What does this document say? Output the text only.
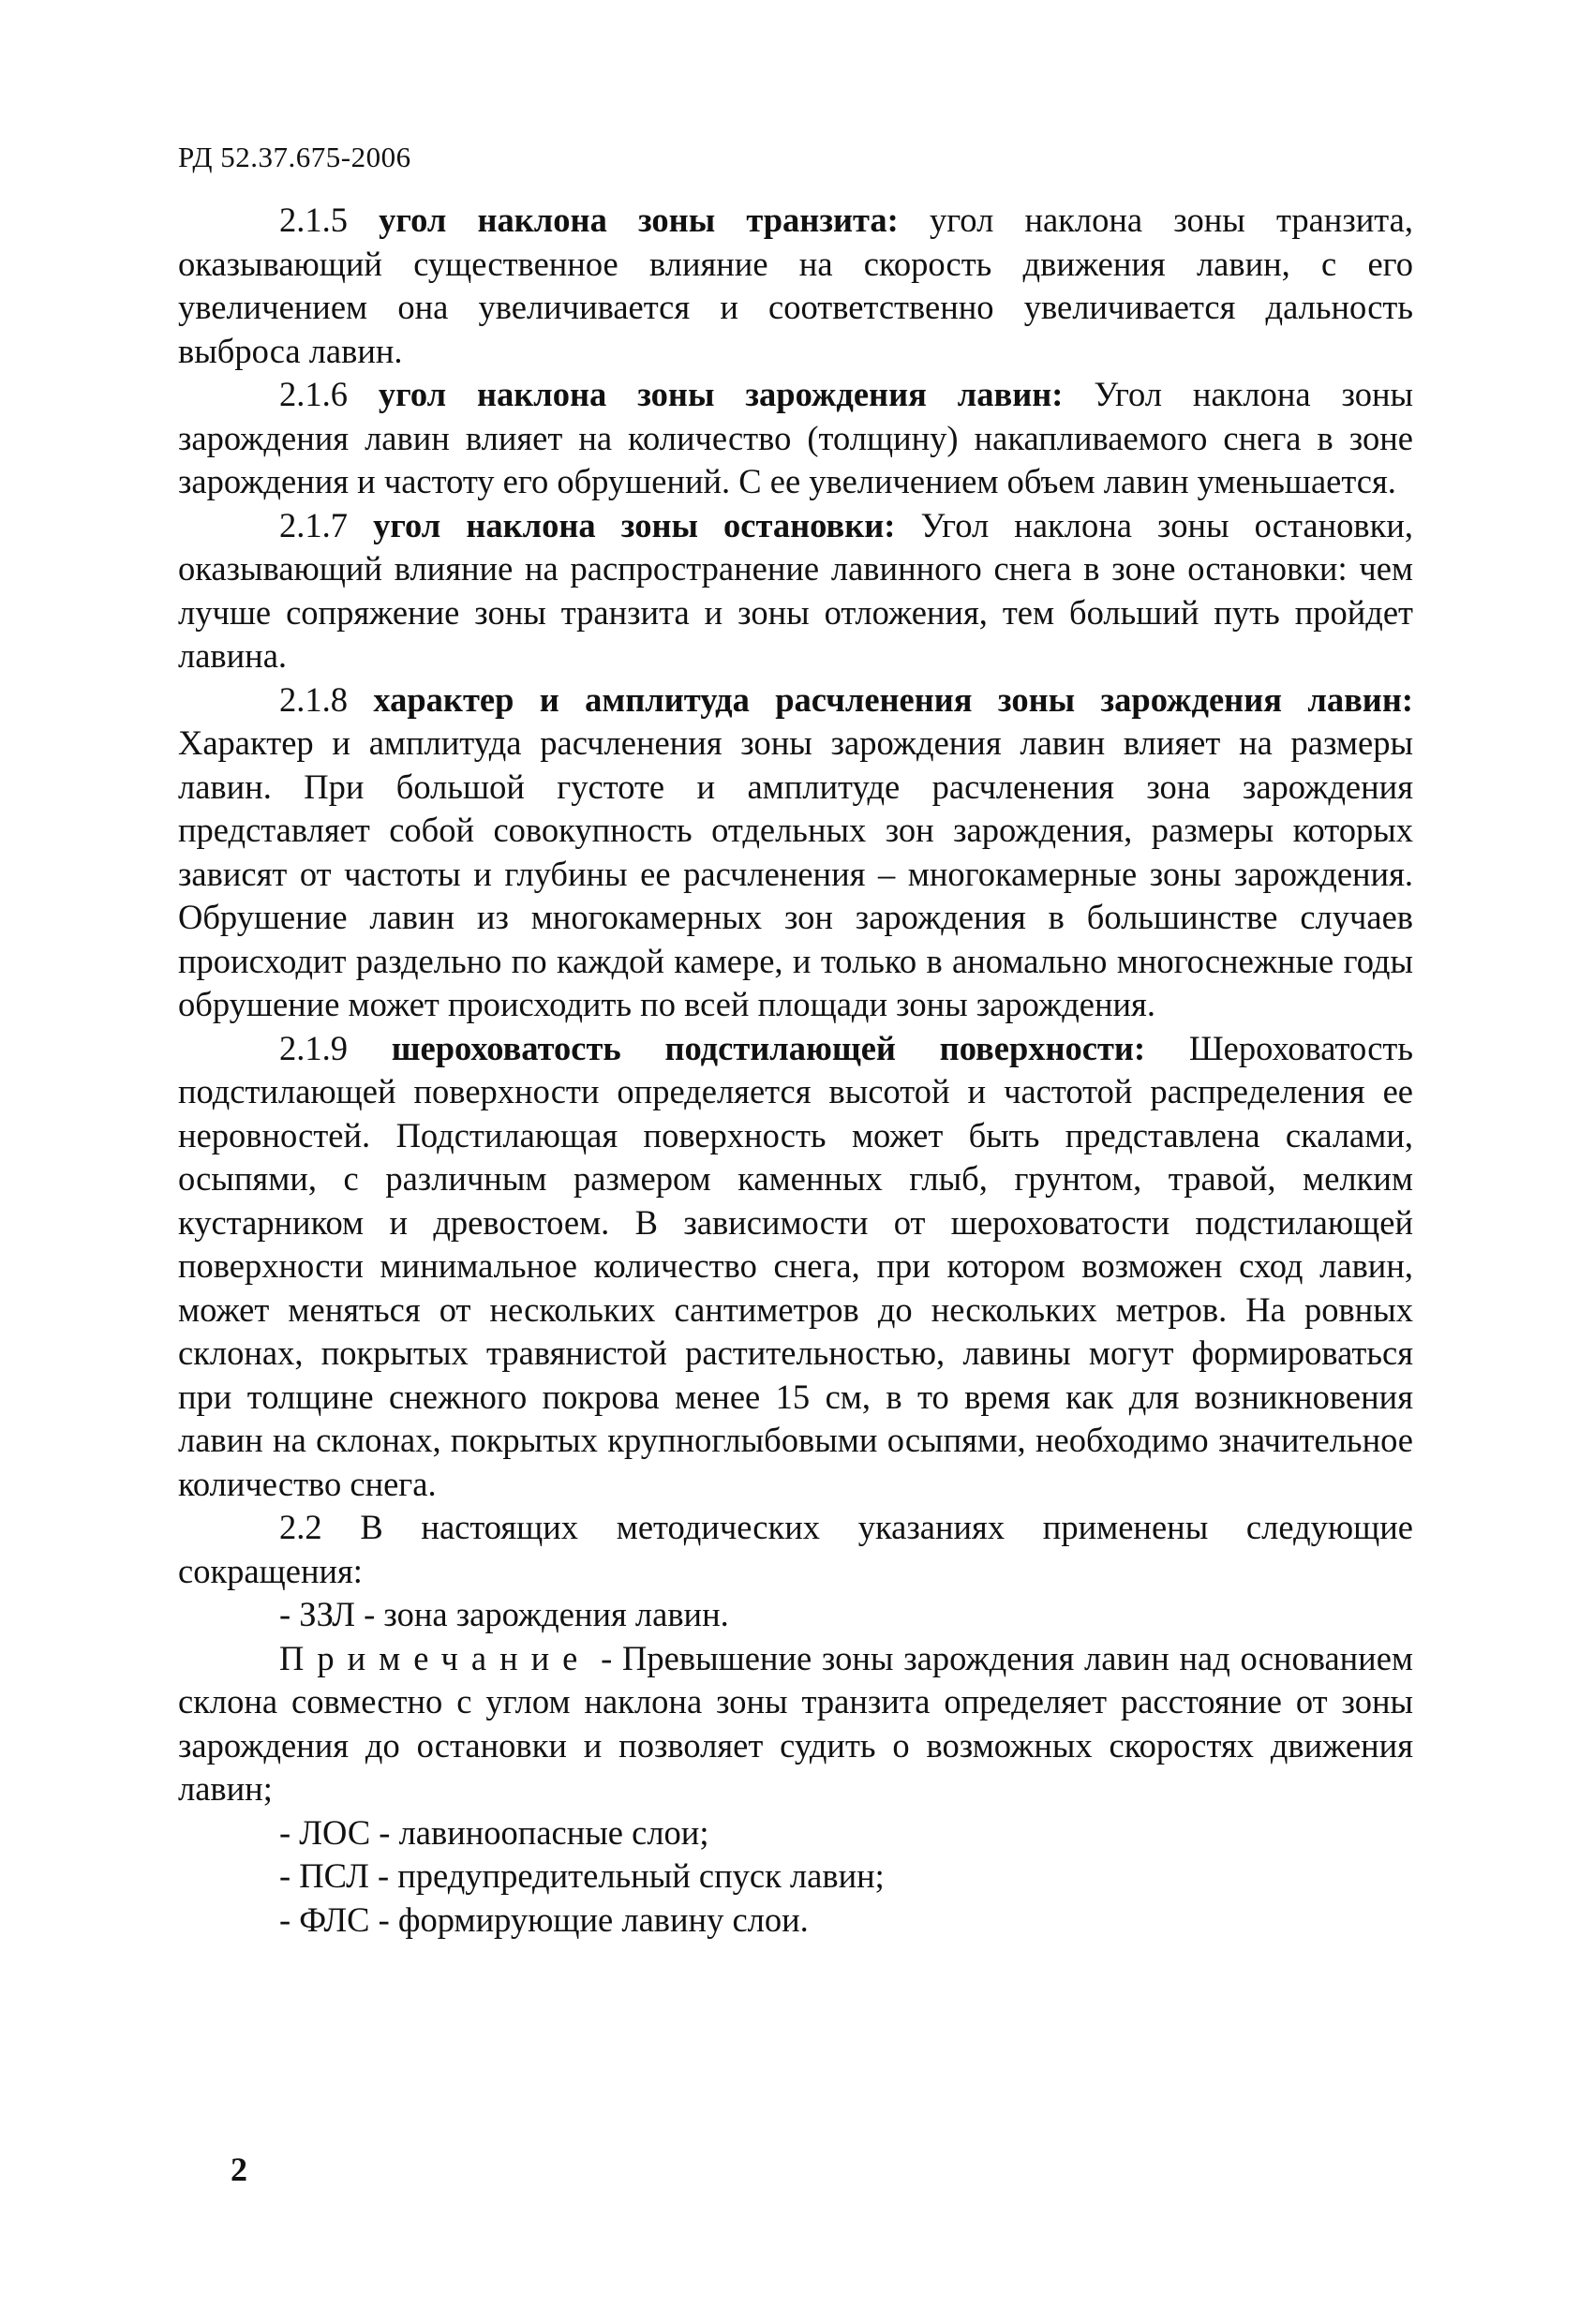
РД 52.37.675-2006

2.1.5 угол наклона зоны транзита: угол наклона зоны транзита, оказывающий существенное влияние на скорость движения лавин, с его увеличением она увеличивается и соответственно увеличивается дальность выброса лавин.

2.1.6 угол наклона зоны зарождения лавин: Угол наклона зоны зарождения лавин влияет на количество (толщину) накапливаемого снега в зоне зарождения и частоту его обрушений. С ее увеличением объем лавин уменьшается.

2.1.7 угол наклона зоны остановки: Угол наклона зоны остановки, оказывающий влияние на распространение лавинного снега в зоне остановки: чем лучше сопряжение зоны транзита и зоны отложения, тем больший путь пройдет лавина.

2.1.8 характер и амплитуда расчленения зоны зарождения лавин: Характер и амплитуда расчленения зоны зарождения лавин влияет на размеры лавин. При большой густоте и амплитуде расчленения зона зарождения представляет собой совокупность отдельных зон зарождения, размеры которых зависят от частоты и глубины ее расчленения – многокамерные зоны зарождения. Обрушение лавин из многокамерных зон зарождения в большинстве случаев происходит раздельно по каждой камере, и только в аномально многоснежные годы обрушение может происходить по всей площади зоны зарождения.

2.1.9 шероховатость подстилающей поверхности: Шероховатость подстилающей поверхности определяется высотой и частотой распределения ее неровностей. Подстилающая поверхность может быть представлена скалами, осыпями, с различным размером каменных глыб, грунтом, травой, мелким кустарником и древостоем. В зависимости от шероховатости подстилающей поверхности минимальное количество снега, при котором возможен сход лавин, может меняться от нескольких сантиметров до нескольких метров. На ровных склонах, покрытых травянистой растительностью, лавины могут формироваться при толщине снежного покрова менее 15 см, в то время как для возникновения лавин на склонах, покрытых крупноглыбовыми осыпями, необходимо значительное количество снега.

2.2 В настоящих методических указаниях применены следующие сокращения:

- ЗЗЛ - зона зарождения лавин.

Примечание - Превышение зоны зарождения лавин над основанием склона совместно с углом наклона зоны транзита определяет расстояние от зоны зарождения до остановки и позволяет судить о возможных скоростях движения лавин;

- ЛОС - лавиноопасные слои;

- ПСЛ - предупредительный спуск лавин;

- ФЛС - формирующие лавину слои.

2
